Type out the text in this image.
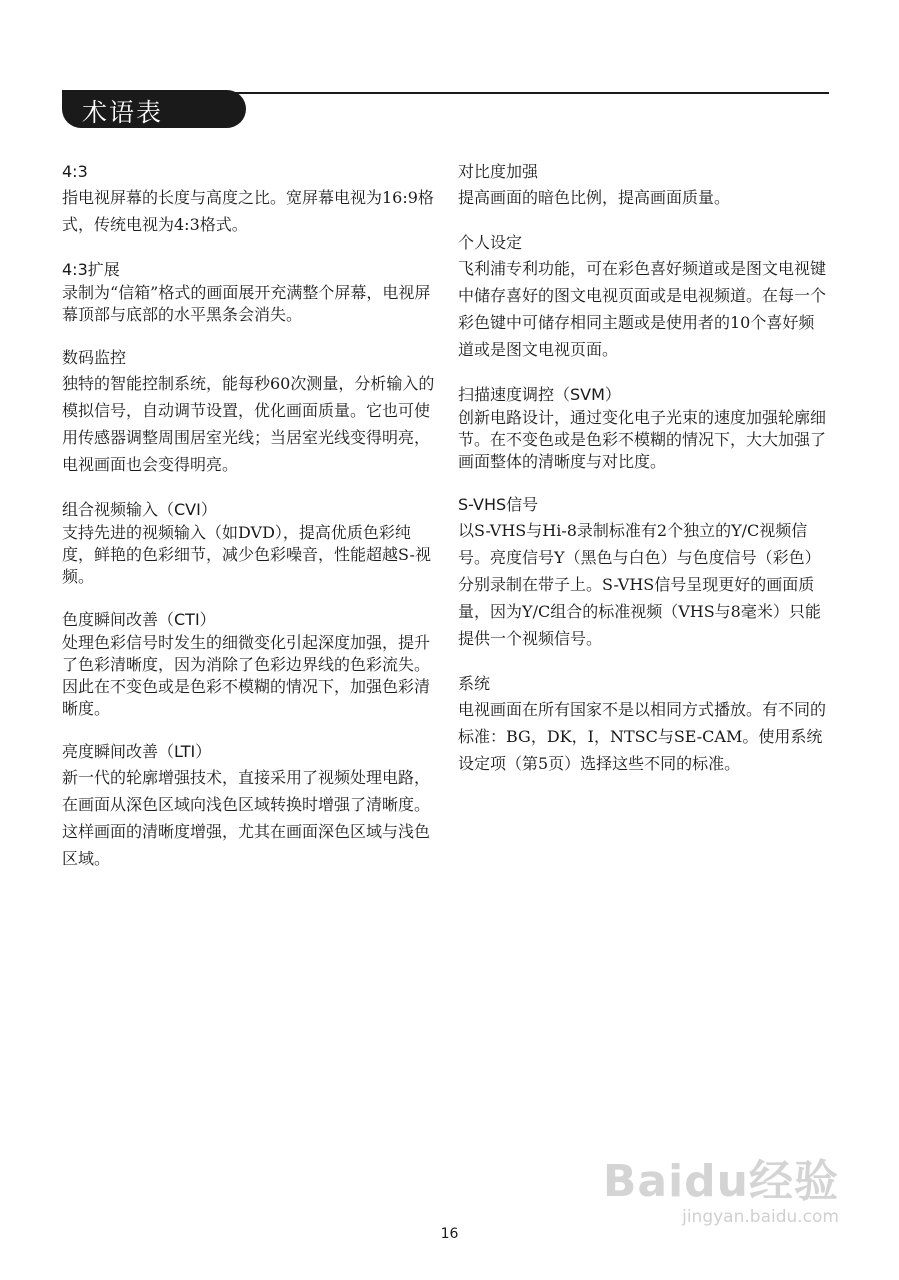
术语表
4:3

指电视屏幕的长度与高度之比。宽屏幕电视为16:9格式，传统电视为4:3格式。

4:3扩展

录制为“信箱”格式的画面展开充满整个屏幕，电视屏幕顶部与底部的水平黑条会消失。

数码监控

独特的智能控制系统，能每秒60次测量，分析输入的模拟信号，自动调节设置，优化画面质量。它也可使用传感器调整周围居室光线；当居室光线变得明亮，电视画面也会变得明亮。

组合视频输入（CVI）

支持先进的视频输入（如DVD），提高优质色彩纯度，鲜艳的色彩细节，减少色彩噪音，性能超越S-视频。

色度瞬间改善（CTI）

处理色彩信号时发生的细微变化引起深度加强，提升了色彩清晰度，因为消除了色彩边界线的色彩流失。因此在不变色或是色彩不模糊的情况下，加强色彩清晰度。

亮度瞬间改善（LTI）

新一代的轮廓增强技术，直接采用了视频处理电路，在画面从深色区域向浅色区域转换时增强了清晰度。这样画面的清晰度增强，尤其在画面深色区域与浅色区域。

对比度加强

提高画面的暗色比例，提高画面质量。

个人设定

飞利浦专利功能，可在彩色喜好频道或是图文电视键中储存喜好的图文电视页面或是电视频道。在每一个彩色键中可储存相同主题或是使用者的10个喜好频道或是图文电视页面。

扫描速度调控（SVM）

创新电路设计，通过变化电子光束的速度加强轮廓细节。在不变色或是色彩不模糊的情况下，大大加强了画面整体的清晰度与对比度。

S-VHS信号

以S-VHS与Hi-8录制标准有2个独立的Y/C视频信号。亮度信号Y（黑色与白色）与色度信号（彩色）分别录制在带子上。S-VHS信号呈现更好的画面质量，因为Y/C组合的标准视频（VHS与8毫米）只能提供一个视频信号。

系统

电视画面在所有国家不是以相同方式播放。有不同的标准：BG，DK，I，NTSC与SE-CAM。使用系统设定项（第5页）选择这些不同的标准。

16
Baidu经验
jingyan.baidu.com
